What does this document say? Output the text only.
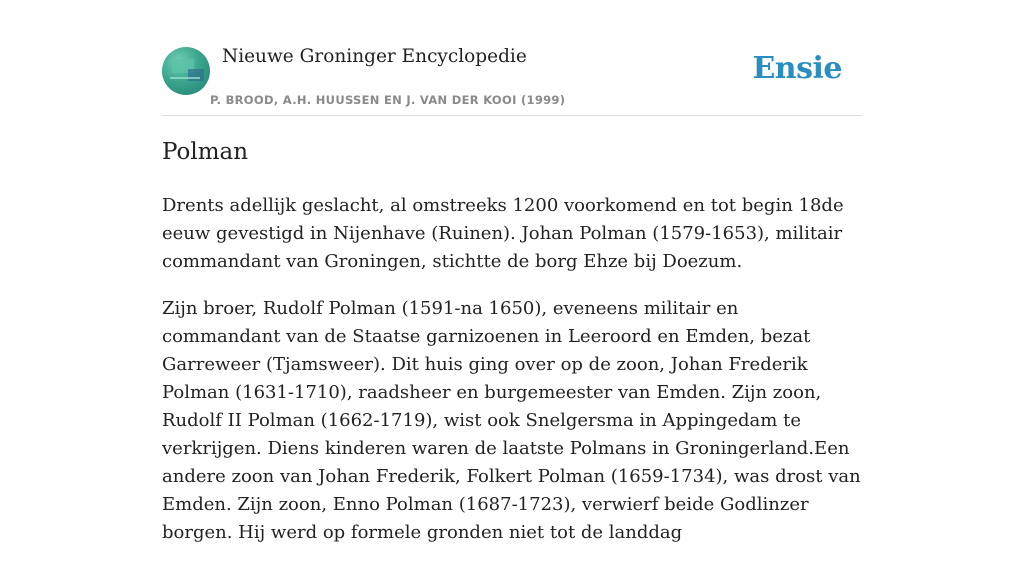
Nieuwe Groninger Encyclopedie
P. BROOD, A.H. HUUSSEN EN J. VAN DER KOOI (1999)
Ensie
Polman

Drents adellijk geslacht, al omstreeks 1200 voorkomend en tot begin 18de eeuw gevestigd in Nijenhave (Ruinen). Johan Polman (1579-1653), militair commandant van Groningen, stichtte de borg Ehze bij Doezum.

Zijn broer, Rudolf Polman (1591-na 1650), eveneens militair en commandant van de Staatse garnizoenen in Leeroord en Emden, bezat Garreweer (Tjamsweer). Dit huis ging over op de zoon, Johan Frederik Polman (1631-1710), raadsheer en burgemeester van Emden. Zijn zoon, Rudolf II Polman (1662-1719), wist ook Snelgersma in Appingedam te verkrijgen. Diens kinderen waren de laatste Polmans in Groningerland.Een andere zoon van Johan Frederik, Folkert Polman (1659-1734), was drost van Emden. Zijn zoon, Enno Polman (1687-1723), verwierf beide Godlinzer borgen. Hij werd op formele gronden niet tot de landdag
